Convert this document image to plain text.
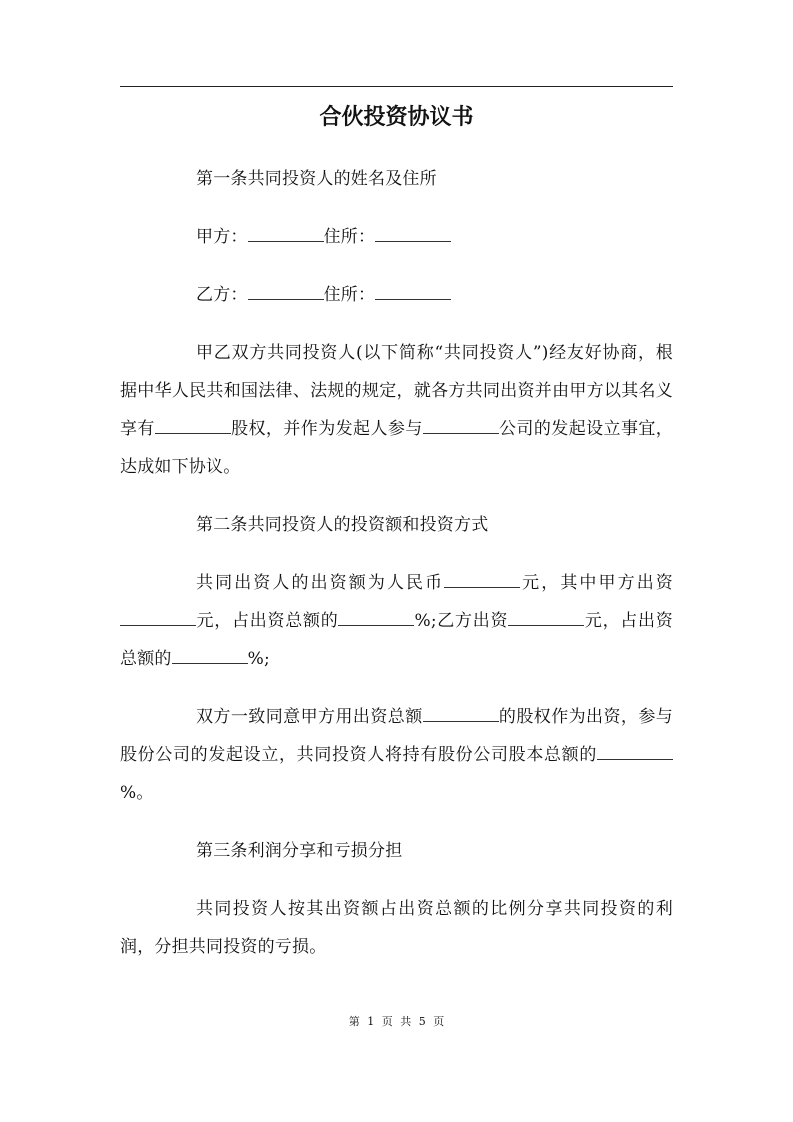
合伙投资协议书

第一条共同投资人的姓名及住所

甲方：	住所：

乙方：	住所：

甲乙双方共同投资人(以下简称“共同投资人”)经友好协商，根据中华人民共和国法律、法规的规定，就各方共同出资并由甲方以其名义享有	股权，并作为发起人参与	公司的发起设立事宜，达成如下协议。

第二条共同投资人的投资额和投资方式

共同出资人的出资额为人民币	元，其中甲方出资元，占出资总额的	%;乙方出资	元，占出资总额的	%;

双方一致同意甲方用出资总额	的股权作为出资，参与股份公司的发起设立，共同投资人将持有股份公司股本总额的%。

第三条利润分享和亏损分担

共同投资人按其出资额占出资总额的比例分享共同投资的利润，分担共同投资的亏损。

第 1 页 共 5 页
